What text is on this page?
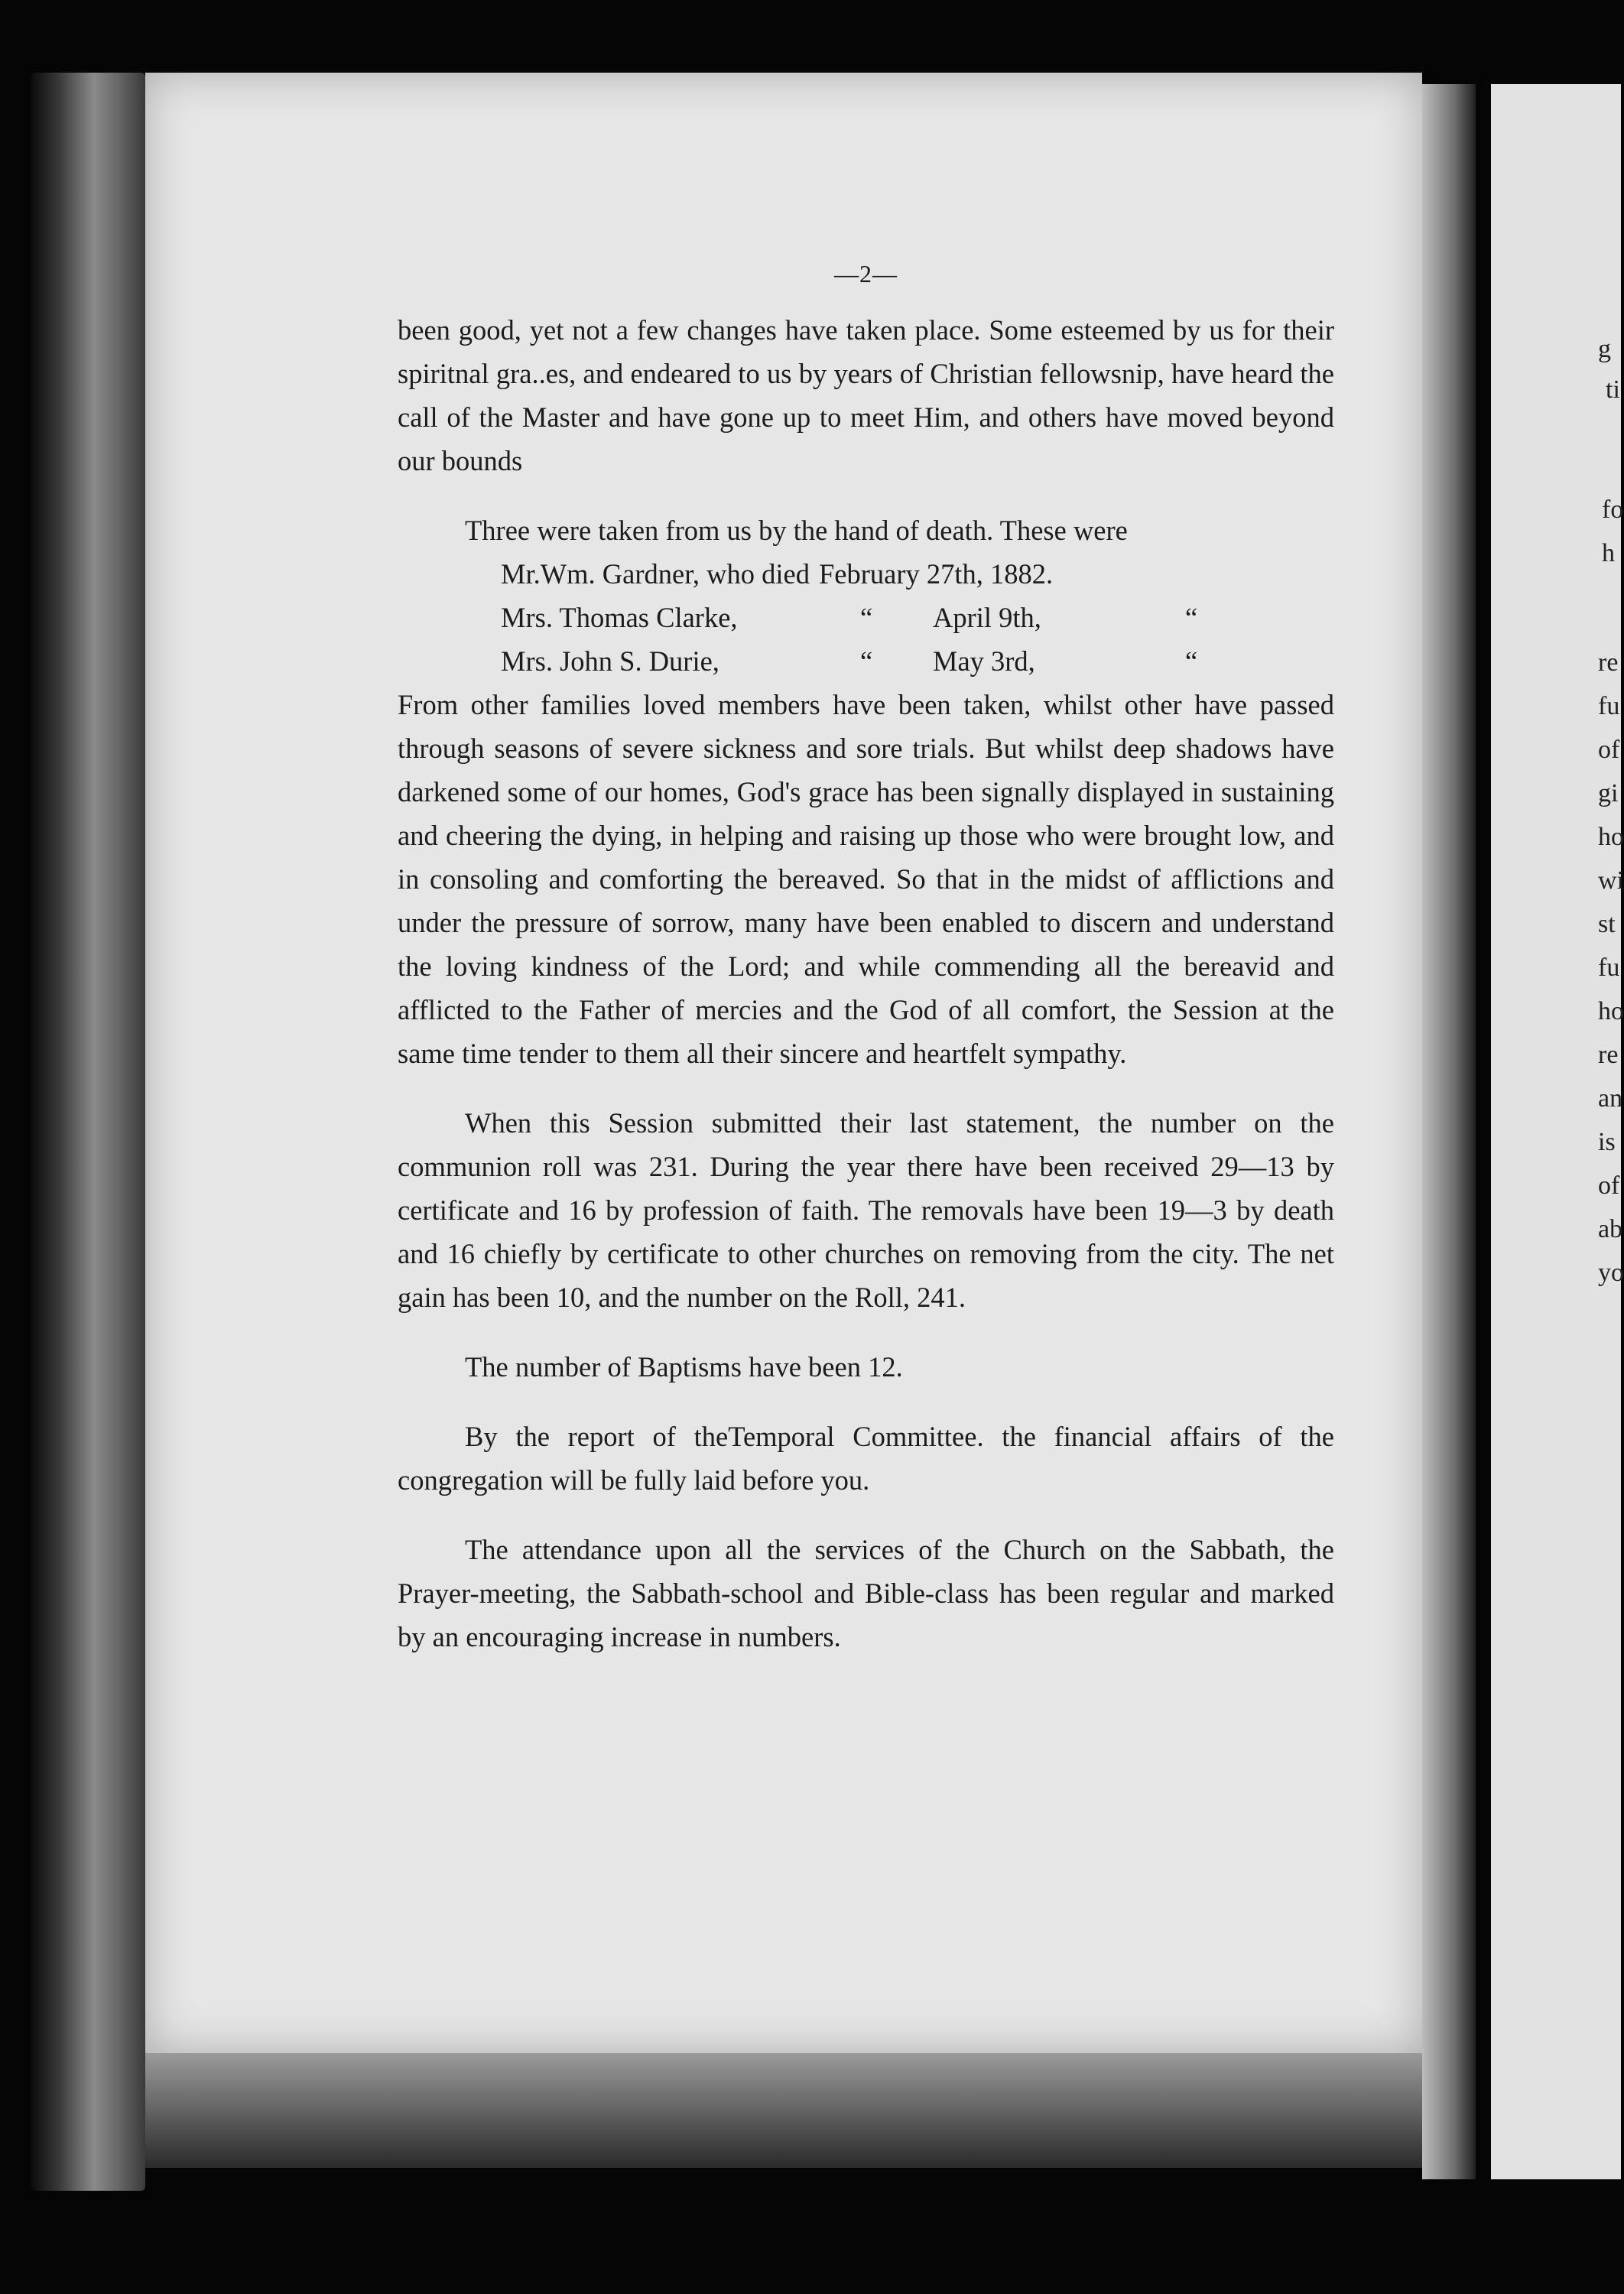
g
ti
fo
h
re
fu
of
gi
ho
wi
st
fu
ho
re
an
is
of
ab
yo
—2—

been good, yet not a few changes have taken place. Some esteemed by us for their spiritnal gra..es, and endeared to us by years of Christian fellowsnip, have heard the call of the Master and have gone up to meet Him, and others have moved beyond our bounds

Three were taken from us by the hand of death. These were

Mr.Wm. Gardner, who died February 27th, 1882.
Mrs. Thomas Clarke,	“	April 9th,	“
Mrs. John S. Durie,	“	May 3rd,	“

From other families loved members have been taken, whilst other have passed through seasons of severe sickness and sore trials. But whilst deep shadows have darkened some of our homes, God's grace has been signally displayed in sustaining and cheering the dying, in helping and raising up those who were brought low, and in consoling and comforting the bereaved. So that in the midst of afflictions and under the pressure of sorrow, many have been enabled to discern and understand the loving kindness of the Lord; and while commending all the bereavid and afflicted to the Father of mercies and the God of all comfort, the Session at the same time tender to them all their sincere and heartfelt sympathy.

When this Session submitted their last statement, the number on the communion roll was 231. During the year there have been received 29—13 by certificate and 16 by profession of faith. The removals have been 19—3 by death and 16 chiefly by certificate to other churches on removing from the city. The net gain has been 10, and the number on the Roll, 241.

The number of Baptisms have been 12.

By the report of theTemporal Committee. the financial affairs of the congregation will be fully laid before you.

The attendance upon all the services of the Church on the Sabbath, the Prayer-meeting, the Sabbath-school and Bible-class has been regular and marked by an encouraging increase in numbers.
